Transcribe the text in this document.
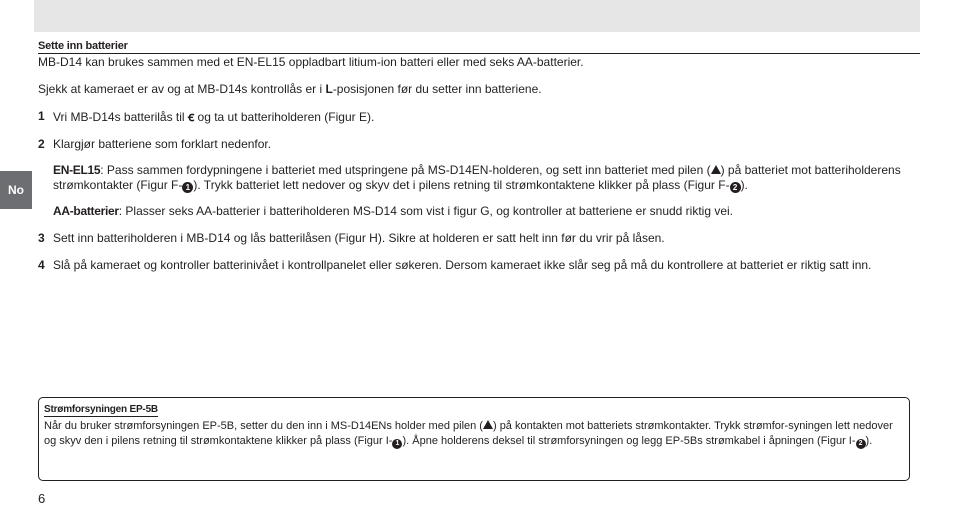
No
Sette inn batterier

MB-D14 kan brukes sammen med et EN-EL15 oppladbart litium-ion batteri eller med seks AA-batterier.

Sjekk at kameraet er av og at MB-D14s kontrollås er i L-posisjonen før du setter inn batteriene.

1 Vri MB-D14s batterilås til ꞓ og ta ut batteriholderen (Figur E).
2 Klargjør batteriene som forklart nedenfor.

EN-EL15: Pass sammen fordypningene i batteriet med utspringene på MS-D14EN-holderen, og sett inn batteriet med pilen ( ) på batteriet mot batteriholderens strømkontakter (Figur F- 1 ). Trykk batteriet lett nedover og skyv det i pilens retning til strømkontaktene klikker på plass (Figur F- 2 ).

AA-batterier: Plasser seks AA-batterier i batteriholderen MS-D14 som vist i figur G, og kontroller at batteriene er snudd riktig vei.

3 Sett inn batteriholderen i MB-D14 og lås batterilåsen (Figur H). Sikre at holderen er satt helt inn før du vrir på låsen.
4 Slå på kameraet og kontroller batterinivået i kontrollpanelet eller søkeren. Dersom kameraet ikke slår seg på må du kontrollere at batteriet er riktig satt inn.
Strømforsyningen EP-5B

Når du bruker strømforsyningen EP-5B, setter du den inn i MS-D14ENs holder med pilen ( ) på kontakten mot batteriets strømkontakter. Trykk strømfor-syningen lett nedover og skyv den i pilens retning til strømkontaktene klikker på plass (Figur I- 1 ). Åpne holderens deksel til strømforsyningen og legg EP-5Bs strømkabel i åpningen (Figur I- 2 ).

6
